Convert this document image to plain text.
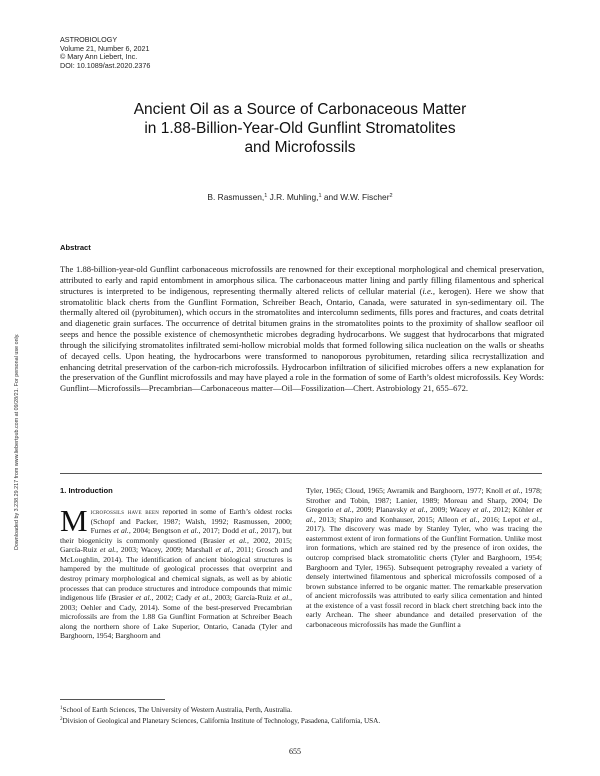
ASTROBIOLOGY
Volume 21, Number 6, 2021
© Mary Ann Liebert, Inc.
DOI: 10.1089/ast.2020.2376
Downloaded by 3.238.29.217 from www.liebertpub.com at 09/28/21. For personal use only.
Ancient Oil as a Source of Carbonaceous Matter
in 1.88-Billion-Year-Old Gunflint Stromatolites
and Microfossils
B. Rasmussen,$^1$ J.R. Muhling,$^1$ and W.W. Fischer$^2$
Abstract
The 1.88-billion-year-old Gunflint carbonaceous microfossils are renowned for their exceptional morphological and chemical preservation, attributed to early and rapid entombment in amorphous silica. The carbonaceous matter lining and partly filling filamentous and spherical structures is interpreted to be indigenous, representing thermally altered relicts of cellular material (i.e., kerogen). Here we show that stromatolitic black cherts from the Gunflint Formation, Schreiber Beach, Ontario, Canada, were saturated in syn-sedimentary oil. The thermally altered oil (pyrobitumen), which occurs in the stromatolites and intercolumn sediments, fills pores and fractures, and coats detrital and diagenetic grain surfaces. The occurrence of detrital bitumen grains in the stromatolites points to the proximity of shallow seafloor oil seeps and hence the possible existence of chemosynthetic microbes degrading hydrocarbons. We suggest that hydrocarbons that migrated through the silicifying stromatolites infiltrated semi-hollow microbial molds that formed following silica nucleation on the walls or sheaths of decayed cells. Upon heating, the hydrocarbons were transformed to nanoporous pyrobitumen, retarding silica recrystallization and enhancing detrital preservation of the carbon-rich microfossils. Hydrocarbon infiltration of silicified microbes offers a new explanation for the preservation of the Gunflint microfossils and may have played a role in the formation of some of Earth’s oldest microfossils. Key Words: Gunflint—Microfossils—Precambrian—Carbonaceous matter—Oil—Fossilization—Chert. Astrobiology 21, 655–672.
1. Introduction
Microfossils have been reported in some of Earth’s oldest rocks (Schopf and Packer, 1987; Walsh, 1992; Rasmussen, 2000; Furnes et al., 2004; Bengtson et al., 2017; Dodd et al., 2017), but their biogenicity is commonly questioned (Brasier et al., 2002, 2015; García-Ruiz et al., 2003; Wacey, 2009; Marshall et al., 2011; Grosch and McLoughlin, 2014). The identification of ancient biological structures is hampered by the multitude of geological processes that overprint and destroy primary morphological and chemical signals, as well as by abiotic processes that can produce structures and introduce compounds that mimic indigenous life (Brasier et al., 2002; Cady et al., 2003; García-Ruiz et al., 2003; Oehler and Cady, 2014). Some of the best-preserved Precambrian microfossils are from the 1.88 Ga Gunflint Formation at Schreiber Beach along the northern shore of Lake Superior, Ontario, Canada (Tyler and Barghoorn, 1954; Barghoorn and
Tyler, 1965; Cloud, 1965; Awramik and Barghoorn, 1977; Knoll et al., 1978; Strother and Tobin, 1987; Lanier, 1989; Moreau and Sharp, 2004; De Gregorio et al., 2009; Planavsky et al., 2009; Wacey et al., 2012; Köhler et al., 2013; Shapiro and Konhauser, 2015; Alleon et al., 2016; Lepot et al., 2017). The discovery was made by Stanley Tyler, who was tracing the easternmost extent of iron formations of the Gunflint Formation. Unlike most iron formations, which are stained red by the presence of iron oxides, the outcrop comprised black stromatolitic cherts (Tyler and Barghoorn, 1954; Barghoorn and Tyler, 1965). Subsequent petrography revealed a variety of densely intertwined filamentous and spherical microfossils composed of a brown substance inferred to be organic matter. The remarkable preservation of ancient microfossils was attributed to early silica cementation and hinted at the existence of a vast fossil record in black chert stretching back into the early Archean. The sheer abundance and detailed preservation of the carbonaceous microfossils has made the Gunflint a
$^1$School of Earth Sciences, The University of Western Australia, Perth, Australia.
$^2$Division of Geological and Planetary Sciences, California Institute of Technology, Pasadena, California, USA.
655
